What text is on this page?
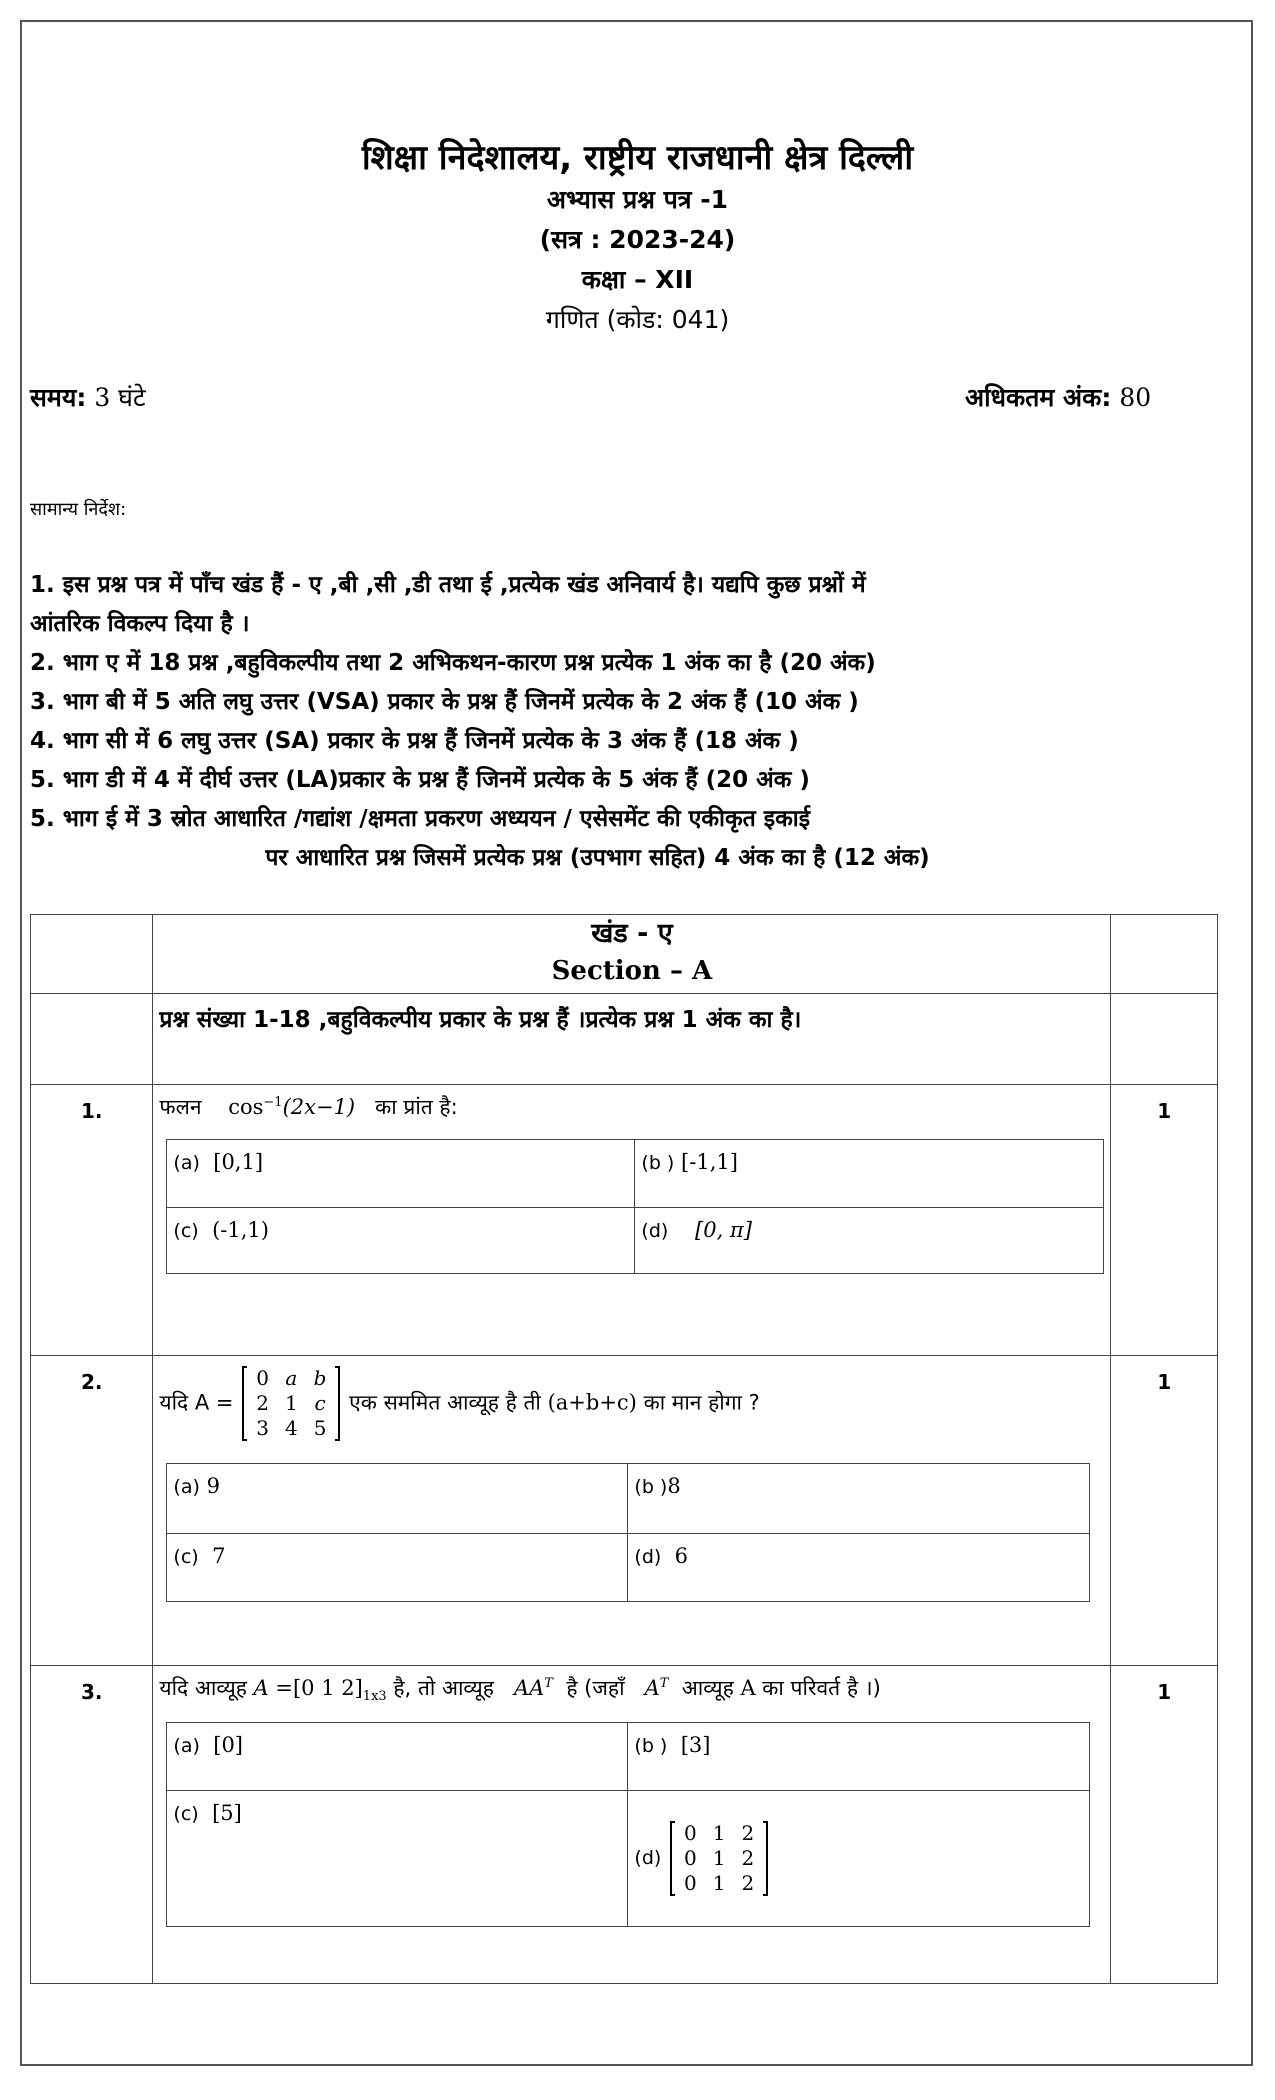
शिक्षा निदेशालय, राष्ट्रीय राजधानी क्षेत्र दिल्ली
अभ्यास प्रश्न पत्र -1
(सत्र : 2023-24)
कक्षा – XII
गणित (कोड: 041)
समय: 3 घंटे	अधिकतम अंक: 80
सामान्य निर्देश:
1. इस प्रश्न पत्र में पाँच खंड हैं - ए ,बी ,सी ,डी तथा ई ,प्रत्येक खंड अनिवार्य है। यद्यपि कुछ प्रश्नों में
आंतरिक विकल्प दिया है ।
2. भाग ए में 18 प्रश्न ,बहुविकल्पीय तथा 2 अभिकथन-कारण प्रश्न प्रत्येक 1 अंक का है (20 अंक)
3. भाग बी में 5 अति लघु उत्तर (VSA) प्रकार के प्रश्न हैं जिनमें प्रत्येक के 2 अंक हैं (10 अंक )
4. भाग सी में 6 लघु उत्तर (SA) प्रकार के प्रश्न हैं जिनमें प्रत्येक के 3 अंक हैं (18 अंक )
5. भाग डी में 4 में दीर्घ उत्तर (LA)प्रकार के प्रश्न हैं जिनमें प्रत्येक के 5 अंक हैं (20 अंक )
5. भाग ई में 3 स्रोत आधारित /गद्यांश /क्षमता प्रकरण अध्ययन / एसेसमेंट की एकीकृत इकाई
पर आधारित प्रश्न जिसमें प्रत्येक प्रश्न (उपभाग सहित) 4 अंक का है (12 अंक)

खंड - ए
Section – A

	प्रश्न संख्या 1-18 ,बहुविकल्पीय प्रकार के प्रश्न हैं ।प्रत्येक प्रश्न 1 अंक का है।	
1.	फलन $\cos^{-1}(2x-1)$ का प्रांत है:
(a) [0,1]	(b ) [-1,1]
(c) (-1,1)	(d) [0, π]
	1
2.	
यदि A =
0	a	b
2	1	c
3	4	5
एक सममित आव्यूह है ती (a+b+c) का मान होगा ?
(a) 9	(b )8
(c) 7	(d) 6
	1
3.	यदि आव्यूह A =[0 1 $2]_{1x3}$ है, तो आव्यूह $AA^T$ है (जहाँ $A^T$ आव्यूह A का परिवर्त है ।)
(a) [0]	(b ) [3]
(c) [5]	(d)
0	1	2
0	1	2
0	1	2
	1
